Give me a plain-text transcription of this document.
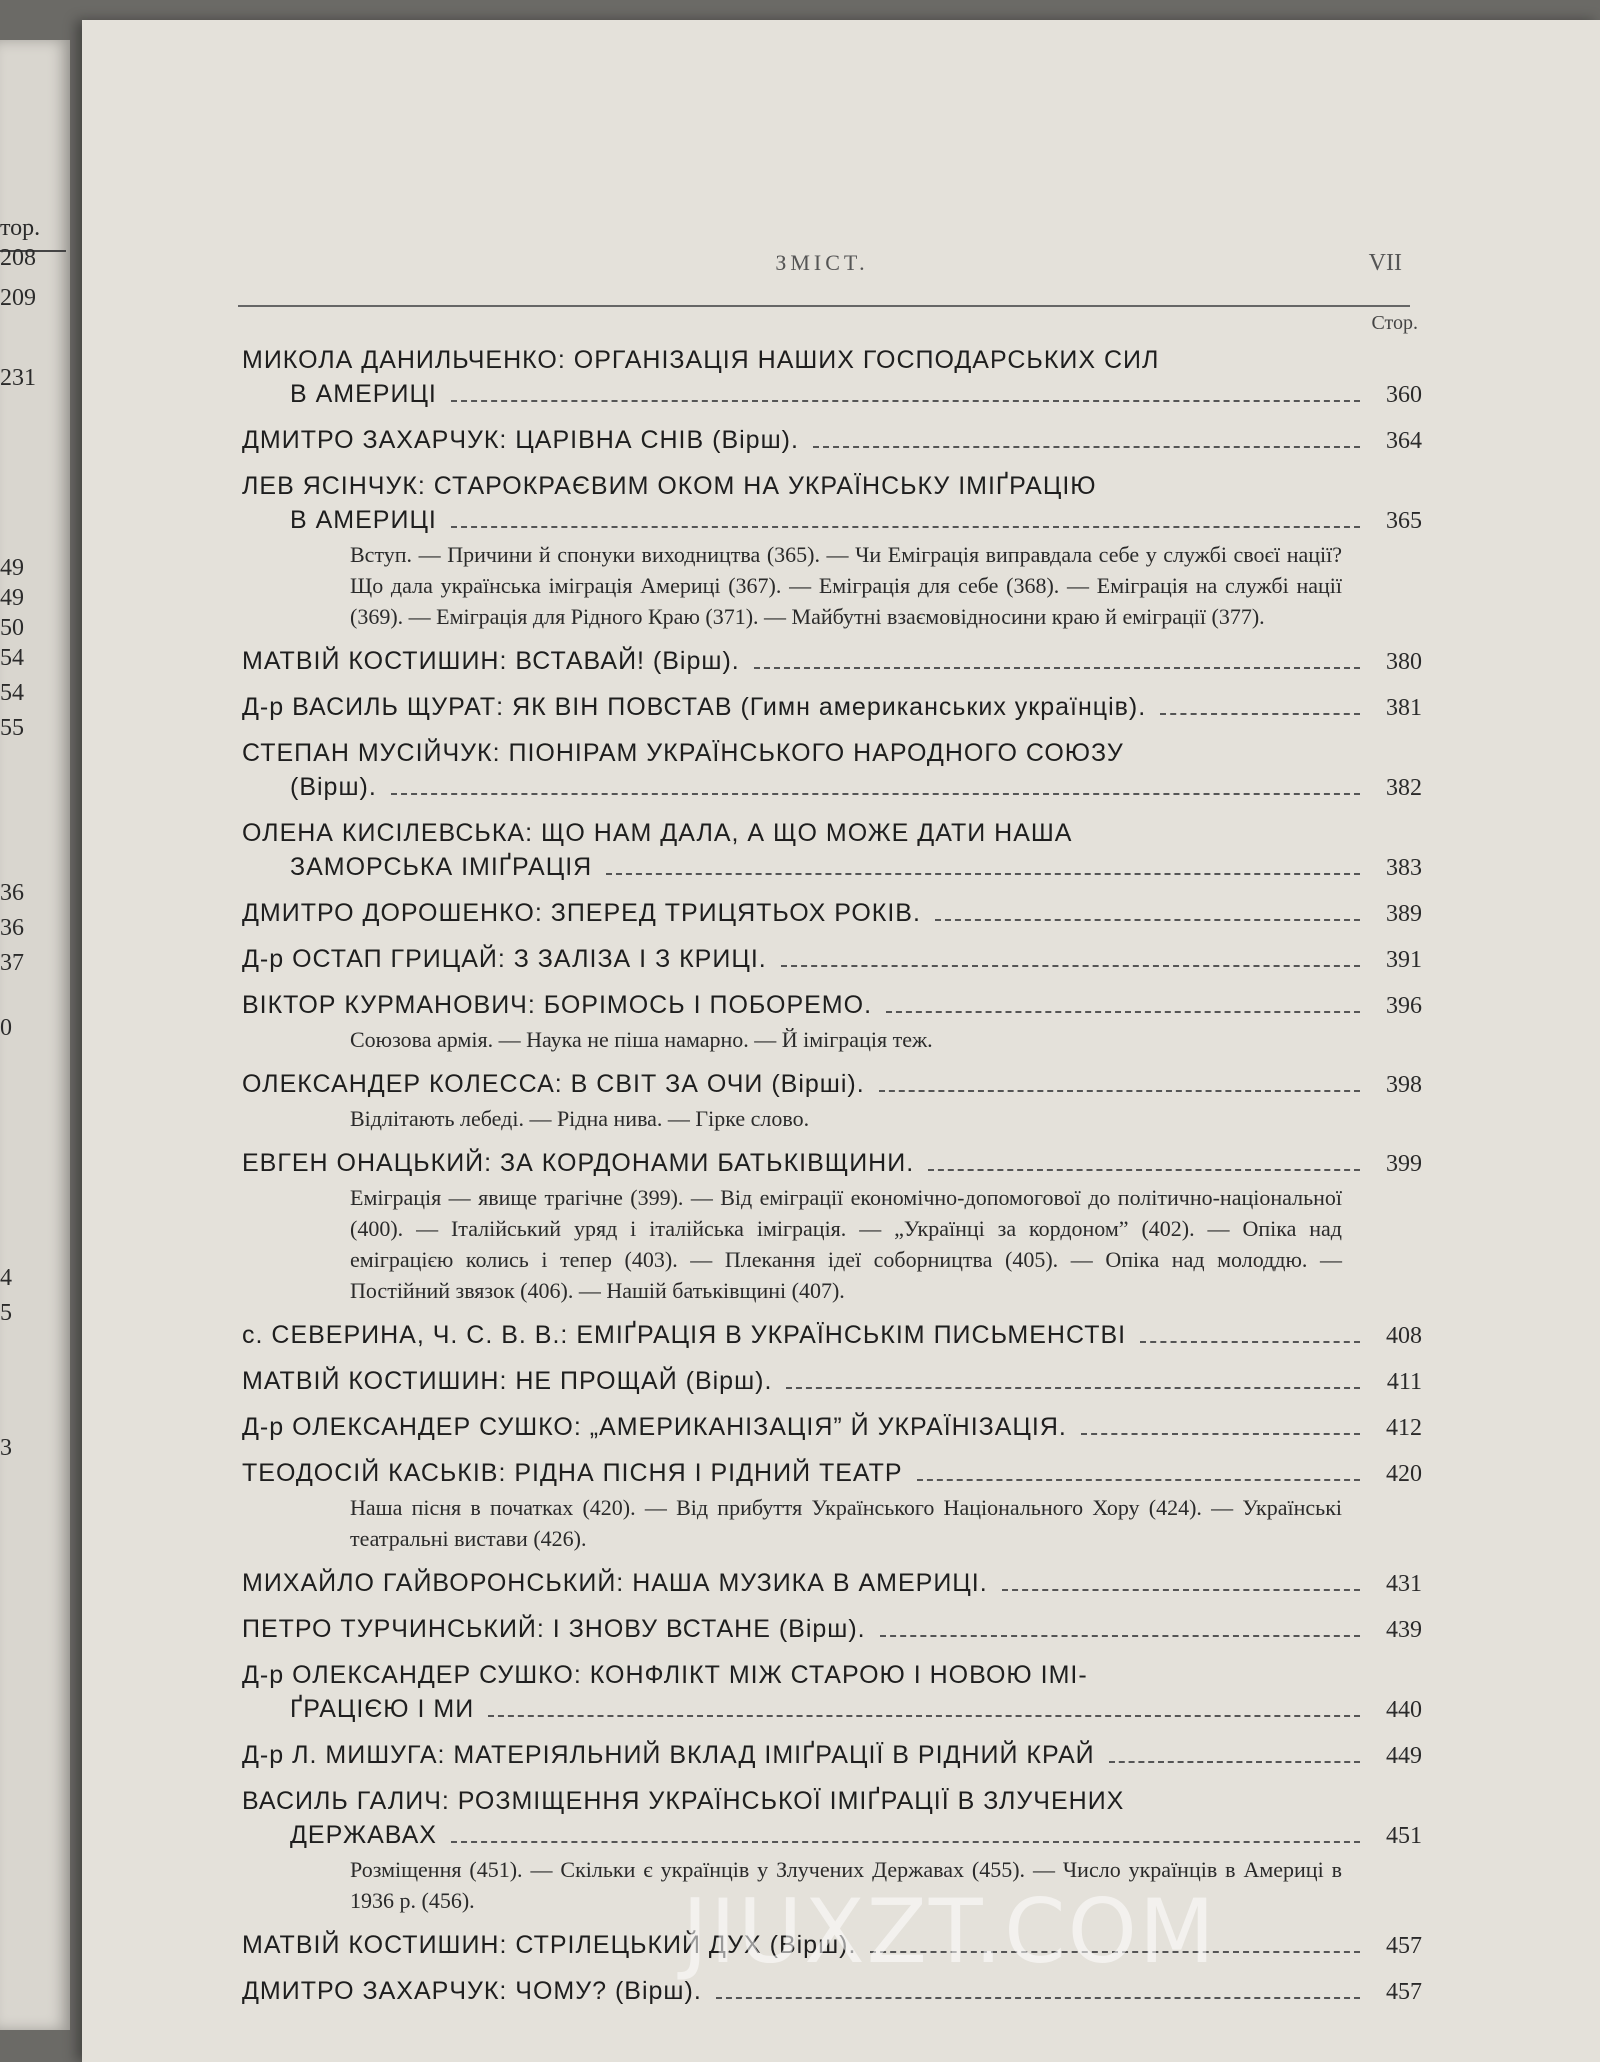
тор.
208
209
231
49
49
50
54
54
55
36
36
37
0
4
5
3
ЗМІСТ.	VII
Стор.
МИКОЛА ДАНИЛЬЧЕНКО: ОРГАНІЗАЦІЯ НАШИХ ГОСПОДАРСЬКИХ СИЛ
В АМЕРИЦІ	360
ДМИТРО ЗАХАРЧУК: ЦАРІВНА СНІВ (Вірш).	364
ЛЕВ ЯСІНЧУК: СТАРОКРАЄВИМ ОКОМ НА УКРАЇНСЬКУ ІМІҐРАЦІЮ
В АМЕРИЦІ	365
Вступ. — Причини й спонуки виходництва (365). — Чи Еміграція виправдала себе у службі своєї нації? Що дала українська іміграція Америці (367). — Еміграція для себе (368). — Еміграція на службі нації (369). — Еміграція для Рідного Краю (371). — Майбутні взаємовідносини краю й еміграції (377).
МАТВІЙ КОСТИШИН: ВСТАВАЙ! (Вірш).	380
Д-р ВАСИЛЬ ЩУРАТ: ЯК ВІН ПОВСТАВ (Гимн американських українців).	381
СТЕПАН МУСІЙЧУК: ПІОНІРАМ УКРАЇНСЬКОГО НАРОДНОГО СОЮЗУ
(Вірш).	382
ОЛЕНА КИСІЛЕВСЬКА: ЩО НАМ ДАЛА, А ЩО МОЖЕ ДАТИ НАША
ЗАМОРСЬКА ІМІҐРАЦІЯ	383
ДМИТРО ДОРОШЕНКО: ЗПЕРЕД ТРИЦЯТЬОХ РОКІВ.	389
Д-р ОСТАП ГРИЦАЙ: З ЗАЛІЗА І З КРИЦІ.	391
ВІКТОР КУРМАНОВИЧ: БОРІМОСЬ І ПОБОРЕМО.	396
Союзова армія. — Наука не піша намарно. — Й іміграція теж.
ОЛЕКСАНДЕР КОЛЕССА: В СВІТ ЗА ОЧИ (Вірші).	398
Відлітають лебеді. — Рідна нива. — Гірке слово.
ЕВГЕН ОНАЦЬКИЙ: ЗА КОРДОНАМИ БАТЬКІВЩИНИ.	399
Еміграція — явище трагічне (399). — Від еміграції економічно-допомогової до політично-національної (400). — Італійський уряд і італійська іміграція. — „Українці за кордоном” (402). — Опіка над еміграцією колись і тепер (403). — Плекання ідеї соборництва (405). — Опіка над молоддю. — Постійний звязок (406). — Нашій батьківщині (407).
с. СЕВЕРИНА, Ч. С. В. В.: ЕМІҐРАЦІЯ В УКРАЇНСЬКІМ ПИСЬМЕНСТВІ	408
МАТВІЙ КОСТИШИН: НЕ ПРОЩАЙ (Вірш).	411
Д-р ОЛЕКСАНДЕР СУШКО: „АМЕРИКАНІЗАЦІЯ” Й УКРАЇНІЗАЦІЯ.	412
ТЕОДОСІЙ КАСЬКІВ: РІДНА ПІСНЯ І РІДНИЙ ТЕАТР	420
Наша пісня в початках (420). — Від прибуття Українського Національного Хору (424). — Українські театральні вистави (426).
МИХАЙЛО ГАЙВОРОНСЬКИЙ: НАША МУЗИКА В АМЕРИЦІ.	431
ПЕТРО ТУРЧИНСЬКИЙ: І ЗНОВУ ВСТАНЕ (Вірш).	439
Д-р ОЛЕКСАНДЕР СУШКО: КОНФЛІКТ МІЖ СТАРОЮ І НОВОЮ ІМІ-
ҐРАЦІЄЮ І МИ	440
Д-р Л. МИШУГА: МАТЕРІЯЛЬНИЙ ВКЛАД ІМІҐРАЦІЇ В РІДНИЙ КРАЙ	449
ВАСИЛЬ ГАЛИЧ: РОЗМІЩЕННЯ УКРАЇНСЬКОЇ ІМІҐРАЦІЇ В ЗЛУЧЕНИХ
ДЕРЖАВАХ	451
Розміщення (451). — Скільки є українців у Злучених Державах (455). — Число українців в Америці в 1936 р. (456).
МАТВІЙ КОСТИШИН: СТРІЛЕЦЬКИЙ ДУХ (Вірш).	457
ДМИТРО ЗАХАРЧУК: ЧОМУ? (Вірш).	457
JIUXZT.COM
